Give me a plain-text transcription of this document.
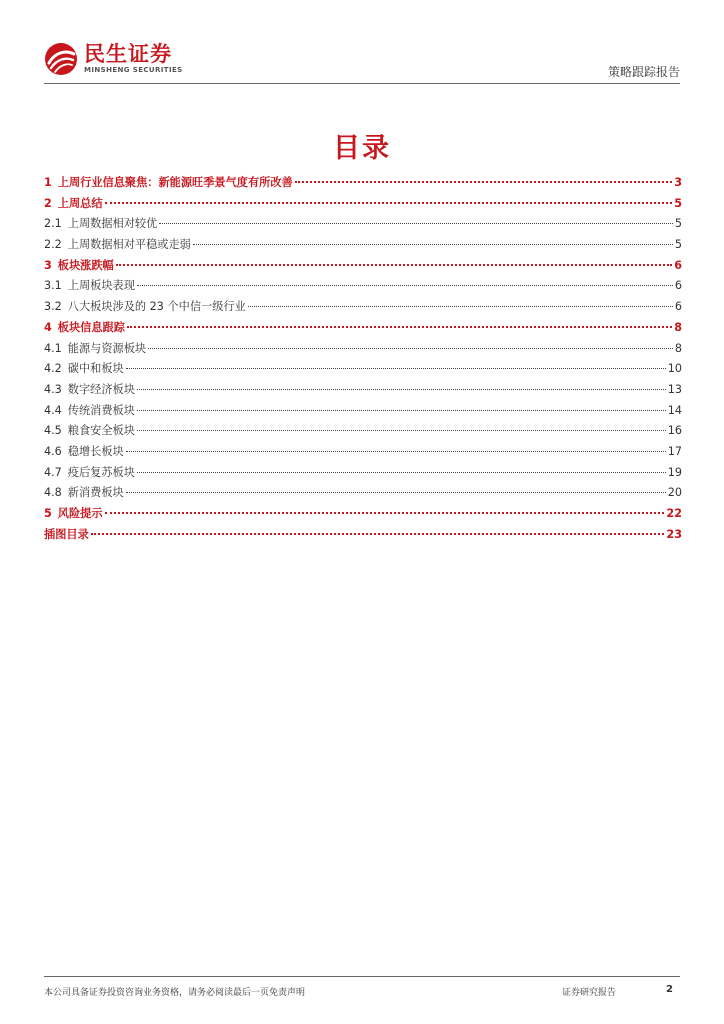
民生证券
MINSHENG SECURITIES	策略跟踪报告
目录
1 上周行业信息聚焦：新能源旺季景气度有所改善	3
2 上周总结	5
2.1 上周数据相对较优	5
2.2 上周数据相对平稳或走弱	5
3 板块涨跌幅	6
3.1 上周板块表现	6
3.2 八大板块涉及的 23 个中信一级行业	6
4 板块信息跟踪	8
4.1 能源与资源板块	8
4.2 碳中和板块	10
4.3 数字经济板块	13
4.4 传统消费板块	14
4.5 粮食安全板块	16
4.6 稳增长板块	17
4.7 疫后复苏板块	19
4.8 新消费板块	20
5 风险提示	22
插图目录	23
本公司具备证券投资咨询业务资格，请务必阅读最后一页免责声明	证券研究报告	2
